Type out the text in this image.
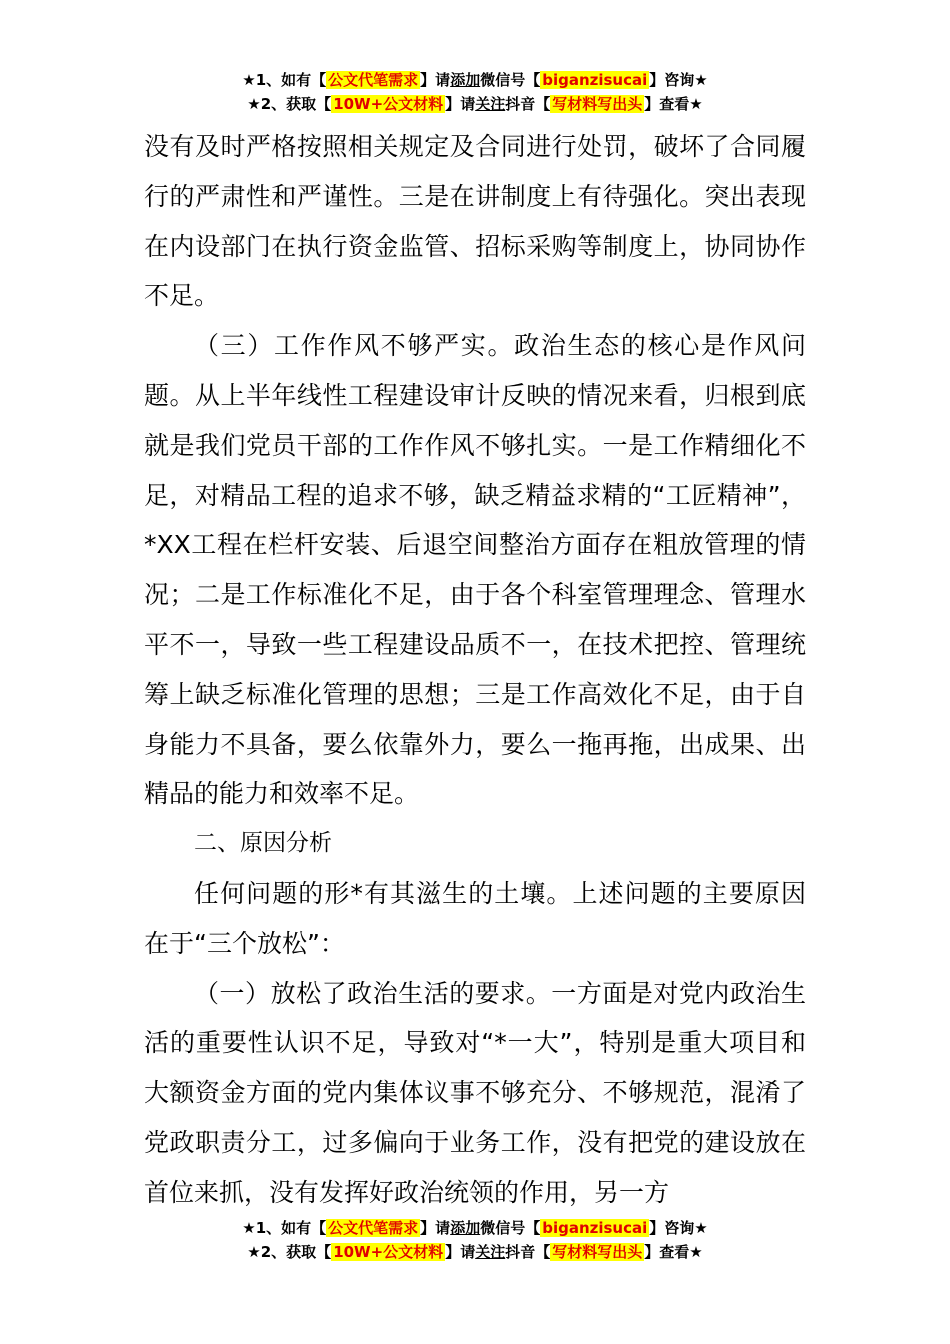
★1、如有【 公文代笔需求 】请添加微信号【 biganzisucai 】咨询★
★2、获取【 10W+公文材料 】请关注抖音【 写材料写出头 】查看★

没有及时严格按照相关规定及合同进行处罚，破坏了合同履行的严肃性和严谨性。三是在讲制度上有待强化。突出表现在内设部门在执行资金监管、招标采购等制度上，协同协作不足。

（三）工作作风不够严实。政治生态的核心是作风问题。从上半年线性工程建设审计反映的情况来看，归根到底就是我们党员干部的工作作风不够扎实。一是工作精细化不足，对精品工程的追求不够，缺乏精益求精的“工匠精神”，*XX工程在栏杆安装、后退空间整治方面存在粗放管理的情况；二是工作标准化不足，由于各个科室管理理念、管理水平不一，导致一些工程建设品质不一，在技术把控、管理统筹上缺乏标准化管理的思想；三是工作高效化不足，由于自身能力不具备，要么依靠外力，要么一拖再拖，出成果、出精品的能力和效率不足。

二、原因分析

任何问题的形*有其滋生的土壤。上述问题的主要原因在于“三个放松”：

（一）放松了政治生活的要求。一方面是对党内政治生活的重要性认识不足，导致对“*一大”，特别是重大项目和大额资金方面的党内集体议事不够充分、不够规范，混淆了党政职责分工，过多偏向于业务工作，没有把党的建设放在首位来抓，没有发挥好政治统领的作用，另一方

★1、如有【 公文代笔需求 】请添加微信号【 biganzisucai 】咨询★
★2、获取【 10W+公文材料 】请关注抖音【 写材料写出头 】查看★
